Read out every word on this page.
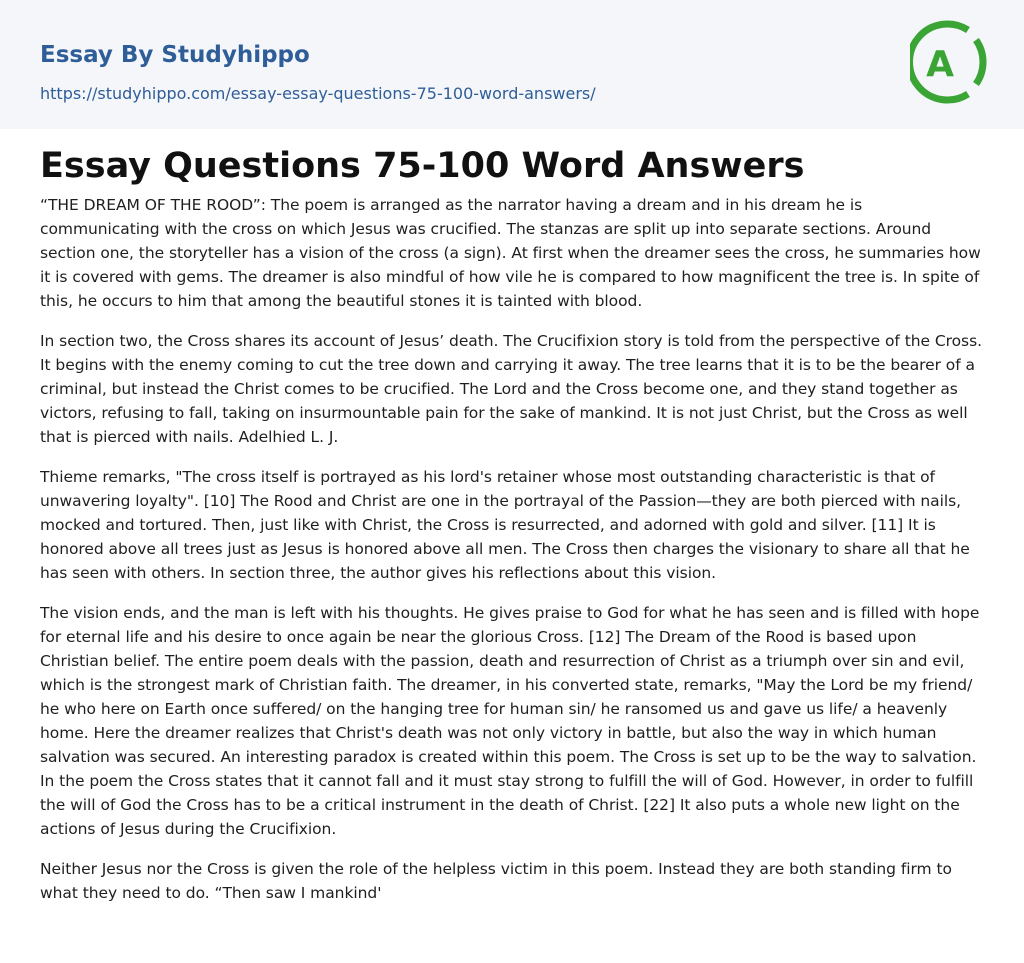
Essay By Studyhippo
https://studyhippo.com/essay-essay-questions-75-100-word-answers/
A
Essay Questions 75-100 Word Answers

“THE DREAM OF THE ROOD”: The poem is arranged as the narrator having a dream and in his dream he is communicating with the cross on which Jesus was crucified. The stanzas are split up into separate sections. Around section one, the storyteller has a vision of the cross (a sign). At first when the dreamer sees the cross, he summaries how it is covered with gems. The dreamer is also mindful of how vile he is compared to how magnificent the tree is. In spite of this, he occurs to him that among the beautiful stones it is tainted with blood.

In section two, the Cross shares its account of Jesus’ death. The Crucifixion story is told from the perspective of the Cross. It begins with the enemy coming to cut the tree down and carrying it away. The tree learns that it is to be the bearer of a criminal, but instead the Christ comes to be crucified. The Lord and the Cross become one, and they stand together as victors, refusing to fall, taking on insurmountable pain for the sake of mankind. It is not just Christ, but the Cross as well that is pierced with nails. Adelhied L. J.

Thieme remarks, "The cross itself is portrayed as his lord's retainer whose most outstanding characteristic is that of unwavering loyalty". [10] The Rood and Christ are one in the portrayal of the Passion—they are both pierced with nails, mocked and tortured. Then, just like with Christ, the Cross is resurrected, and adorned with gold and silver. [11] It is honored above all trees just as Jesus is honored above all men. The Cross then charges the visionary to share all that he has seen with others. In section three, the author gives his reflections about this vision.

The vision ends, and the man is left with his thoughts. He gives praise to God for what he has seen and is filled with hope for eternal life and his desire to once again be near the glorious Cross. [12] The Dream of the Rood is based upon Christian belief. The entire poem deals with the passion, death and resurrection of Christ as a triumph over sin and evil, which is the strongest mark of Christian faith. The dreamer, in his converted state, remarks, "May the Lord be my friend/ he who here on Earth once suffered/ on the hanging tree for human sin/ he ransomed us and gave us life/ a heavenly home. Here the dreamer realizes that Christ's death was not only victory in battle, but also the way in which human salvation was secured. An interesting paradox is created within this poem. The Cross is set up to be the way to salvation. In the poem the Cross states that it cannot fall and it must stay strong to fulfill the will of God. However, in order to fulfill the will of God the Cross has to be a critical instrument in the death of Christ. [22] It also puts a whole new light on the actions of Jesus during the Crucifixion.

Neither Jesus nor the Cross is given the role of the helpless victim in this poem. Instead they are both standing firm to what they need to do. “Then saw I mankind'
